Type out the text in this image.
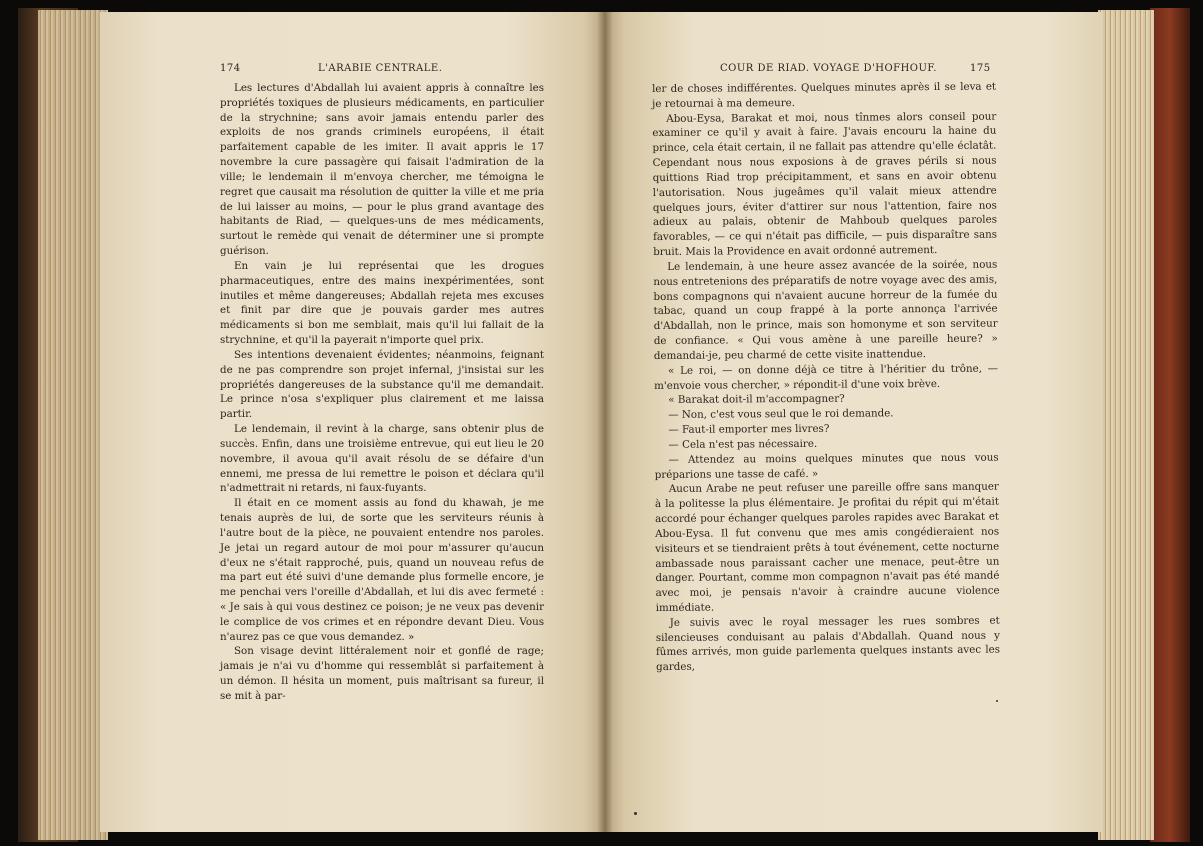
174	L'ARABIE CENTRALE.	COUR DE RIAD. VOYAGE D'HOFHOUF.	175

Les lectures d'Abdallah lui avaient appris à connaître les propriétés toxiques de plusieurs médicaments, en particulier de la strychnine; sans avoir jamais entendu parler des exploits de nos grands criminels européens, il était parfaitement capable de les imiter. Il avait appris le 17 novembre la cure passagère qui faisait l'admiration de la ville; le lendemain il m'envoya chercher, me témoigna le regret que causait ma résolution de quitter la ville et me pria de lui laisser au moins, — pour le plus grand avantage des habitants de Riad, — quelques-uns de mes médicaments, surtout le remède qui venait de déterminer une si prompte guérison.

En vain je lui représentai que les drogues pharmaceutiques, entre des mains inexpérimentées, sont inutiles et même dangereuses; Abdallah rejeta mes excuses et finit par dire que je pouvais garder mes autres médicaments si bon me semblait, mais qu'il lui fallait de la strychnine, et qu'il la payerait n'importe quel prix.

Ses intentions devenaient évidentes; néanmoins, feignant de ne pas comprendre son projet infernal, j'insistai sur les propriétés dangereuses de la substance qu'il me demandait. Le prince n'osa s'expliquer plus clairement et me laissa partir.

Le lendemain, il revint à la charge, sans obtenir plus de succès. Enfin, dans une troisième entrevue, qui eut lieu le 20 novembre, il avoua qu'il avait résolu de se défaire d'un ennemi, me pressa de lui remettre le poison et déclara qu'il n'admettrait ni retards, ni faux-fuyants.

Il était en ce moment assis au fond du khawah, je me tenais auprès de lui, de sorte que les serviteurs réunis à l'autre bout de la pièce, ne pouvaient entendre nos paroles. Je jetai un regard autour de moi pour m'assurer qu'aucun d'eux ne s'était rapproché, puis, quand un nouveau refus de ma part eut été suivi d'une demande plus formelle encore, je me penchai vers l'oreille d'Abdallah, et lui dis avec fermeté : « Je sais à qui vous destinez ce poison; je ne veux pas devenir le complice de vos crimes et en répondre devant Dieu. Vous n'aurez pas ce que vous demandez. »

Son visage devint littéralement noir et gonflé de rage; jamais je n'ai vu d'homme qui ressemblât si parfaitement à un démon. Il hésita un moment, puis maîtrisant sa fureur, il se mit à par-

ler de choses indifférentes. Quelques minutes après il se leva et je retournai à ma demeure.

Abou-Eysa, Barakat et moi, nous tînmes alors conseil pour examiner ce qu'il y avait à faire. J'avais encouru la haine du prince, cela était certain, il ne fallait pas attendre qu'elle éclatât. Cependant nous nous exposions à de graves périls si nous quittions Riad trop précipitamment, et sans en avoir obtenu l'autorisation. Nous jugeâmes qu'il valait mieux attendre quelques jours, éviter d'attirer sur nous l'attention, faire nos adieux au palais, obtenir de Mahboub quelques paroles favorables, — ce qui n'était pas difficile, — puis disparaître sans bruit. Mais la Providence en avait ordonné autrement.

Le lendemain, à une heure assez avancée de la soirée, nous nous entretenions des préparatifs de notre voyage avec des amis, bons compagnons qui n'avaient aucune horreur de la fumée du tabac, quand un coup frappé à la porte annonça l'arrivée d'Abdallah, non le prince, mais son homonyme et son serviteur de confiance. « Qui vous amène à une pareille heure? » demandai-je, peu charmé de cette visite inattendue.

« Le roi, — on donne déjà ce titre à l'héritier du trône, — m'envoie vous chercher, » répondit-il d'une voix brève.

« Barakat doit-il m'accompagner?

— Non, c'est vous seul que le roi demande.

— Faut-il emporter mes livres?

— Cela n'est pas nécessaire.

— Attendez au moins quelques minutes que nous vous préparions une tasse de café. »

Aucun Arabe ne peut refuser une pareille offre sans manquer à la politesse la plus élémentaire. Je profitai du répit qui m'était accordé pour échanger quelques paroles rapides avec Barakat et Abou-Eysa. Il fut convenu que mes amis congédieraient nos visiteurs et se tiendraient prêts à tout événement, cette nocturne ambassade nous paraissant cacher une menace, peut-être un danger. Pourtant, comme mon compagnon n'avait pas été mandé avec moi, je pensais n'avoir à craindre aucune violence immédiate.

Je suivis avec le royal messager les rues sombres et silencieuses conduisant au palais d'Abdallah. Quand nous y fûmes arrivés, mon guide parlementa quelques instants avec les gardes,
